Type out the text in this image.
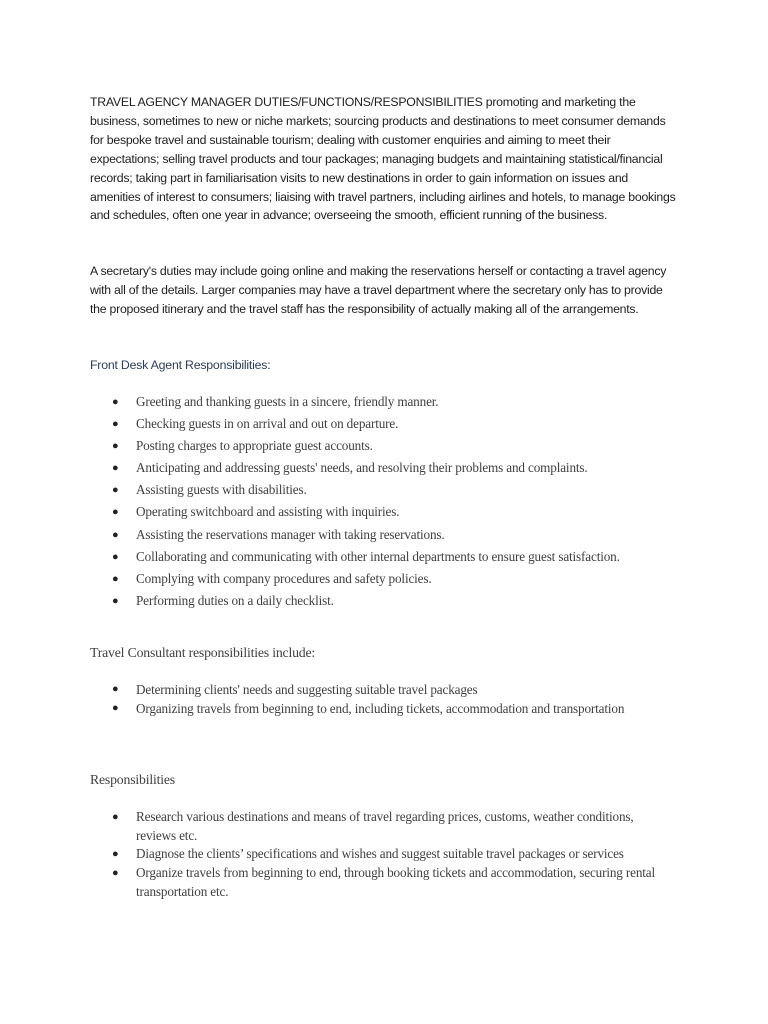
TRAVEL AGENCY MANAGER DUTIES/FUNCTIONS/RESPONSIBILITIES promoting and marketing the business, sometimes to new or niche markets; sourcing products and destinations to meet consumer demands for bespoke travel and sustainable tourism; dealing with customer enquiries and aiming to meet their expectations; selling travel products and tour packages; managing budgets and maintaining statistical/financial records; taking part in familiarisation visits to new destinations in order to gain information on issues and amenities of interest to consumers; liaising with travel partners, including airlines and hotels, to manage bookings and schedules, often one year in advance; overseeing the smooth, efficient running of the business.

A secretary's duties may include going online and making the reservations herself or contacting a travel agency with all of the details. Larger companies may have a travel department where the secretary only has to provide the proposed itinerary and the travel staff has the responsibility of actually making all of the arrangements.

Front Desk Agent Responsibilities:
● Greeting and thanking guests in a sincere, friendly manner.
● Checking guests in on arrival and out on departure.
● Posting charges to appropriate guest accounts.
● Anticipating and addressing guests' needs, and resolving their problems and complaints.
● Assisting guests with disabilities.
● Operating switchboard and assisting with inquiries.
● Assisting the reservations manager with taking reservations.
● Collaborating and communicating with other internal departments to ensure guest satisfaction.
● Complying with company procedures and safety policies.
● Performing duties on a daily checklist.
Travel Consultant responsibilities include:
● Determining clients' needs and suggesting suitable travel packages
● Organizing travels from beginning to end, including tickets, accommodation and transportation
Responsibilities
● Research various destinations and means of travel regarding prices, customs, weather conditions, reviews etc.
● Diagnose the clients’ specifications and wishes and suggest suitable travel packages or services
● Organize travels from beginning to end, through booking tickets and accommodation, securing rental transportation etc.
